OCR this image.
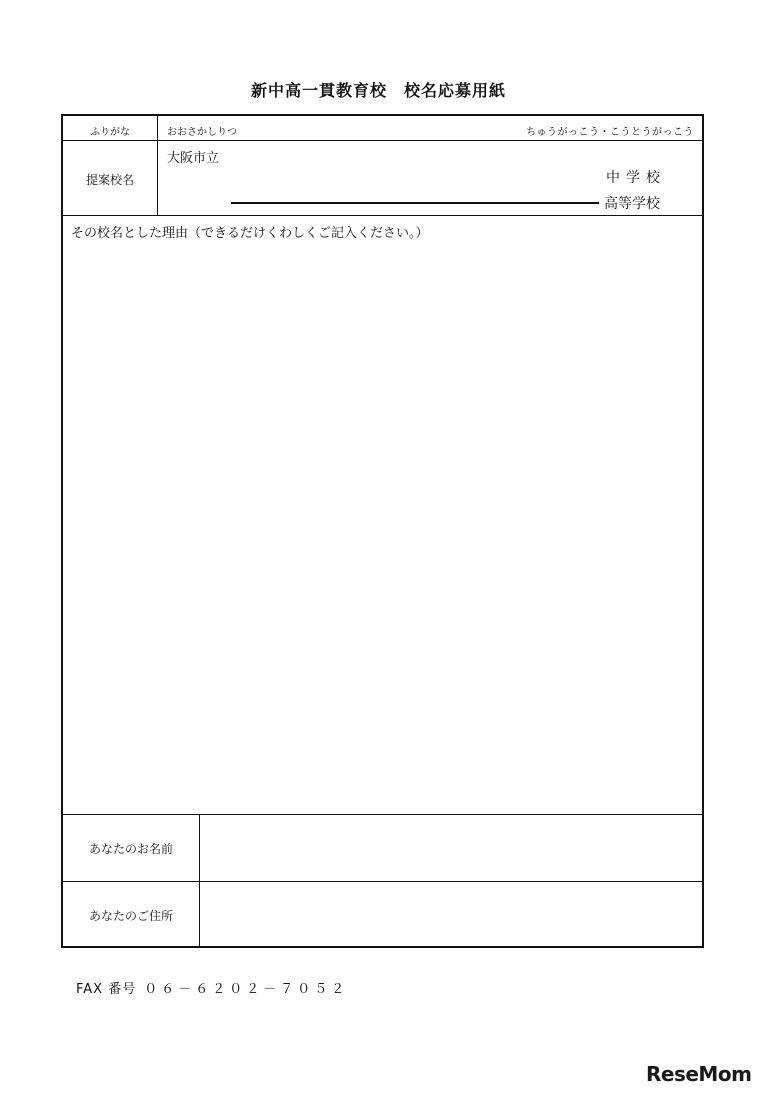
新中高一貫教育校　校名応募用紙
ふりがな	おおさかしりつ	ちゅうがっこう・こうとうがっこう
提案校名
大阪市立
中学校
高等学校
その校名とした理由（できるだけくわしくご記入ください。）
あなたのお名前
あなたのご住所
FAX 番号 ０６－６２０２－７０５２
ReseMom
